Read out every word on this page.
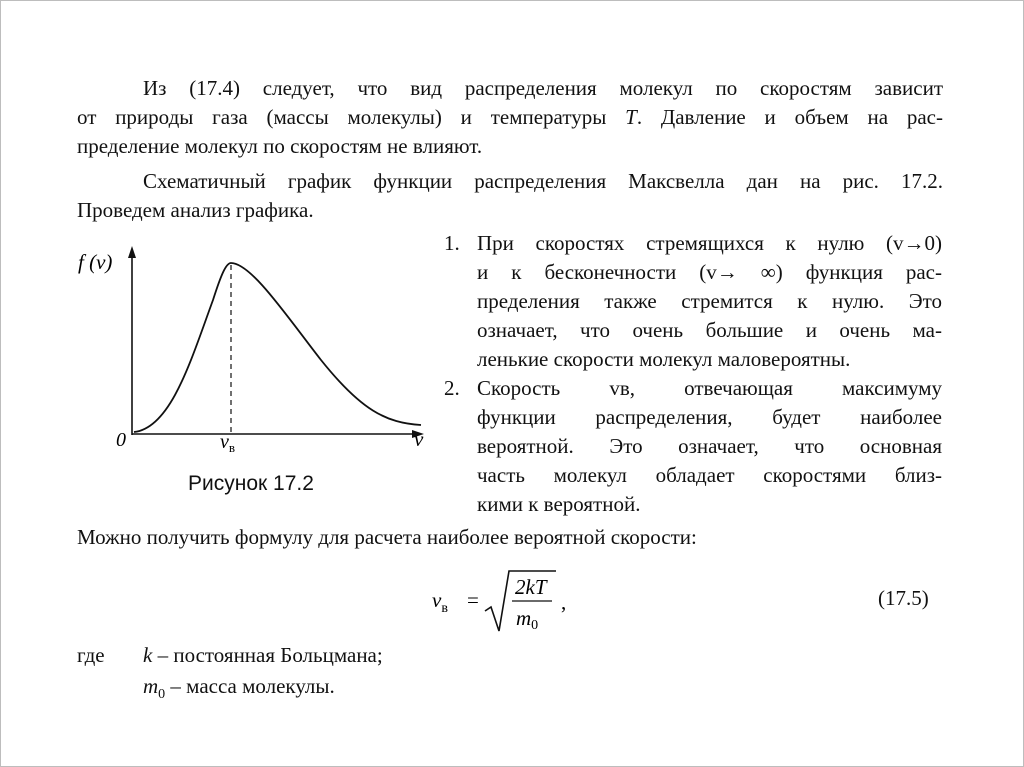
Из (17.4) следует, что вид распределения молекул по скоростям зависит
от природы газа (массы молекулы) и температуры T. Давление и объем на рас-
пределение молекул по скоростям не влияют.
Схематичный график функции распределения Максвелла дан на рис. 17.2.
Проведем анализ графика.
f (v)
0	$v_в$	v
Рисунок 17.2
1. При скоростях стремящихся к нулю (v→0)
и к бесконечности (v→ ∞) функция рас-
пределения также стремится к нулю. Это
означает, что очень большие и очень ма-
ленькие скорости молекул маловероятны.
2. Скорость vв, отвечающая максимуму
функции распределения, будет наиболее
вероятной. Это означает, что основная
часть молекул обладает скоростями близ-
кими к вероятной.
Можно получить формулу для расчета наиболее вероятной скорости:
$v_в$ =
2kT
m0
,	(17.5)
где	k – постоянная Больцмана;
$m_0$ – масса молекулы.
